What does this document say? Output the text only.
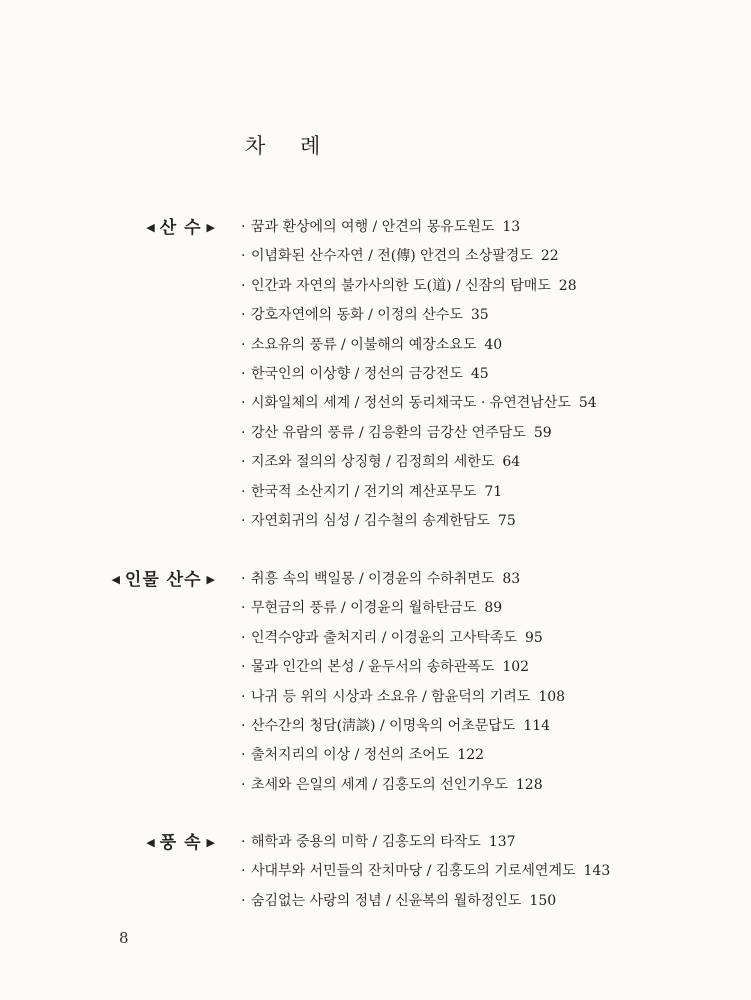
차 례
◀ 산 수 ▶ · 꿈과 환상에의 여행 / 안견의 몽유도원도 13
· 이념화된 산수자연 / 전(傳) 안견의 소상팔경도 22
· 인간과 자연의 불가사의한 도(道) / 신잠의 탐매도 28
· 강호자연에의 동화 / 이정의 산수도 35
· 소요유의 풍류 / 이불해의 예장소요도 40
· 한국인의 이상향 / 정선의 금강전도 45
· 시화일체의 세계 / 정선의 동리채국도 · 유연견남산도 54
· 강산 유람의 풍류 / 김응환의 금강산 연주담도 59
· 지조와 절의의 상징형 / 김정희의 세한도 64
· 한국적 소산지기 / 전기의 계산포무도 71
· 자연회귀의 심성 / 김수철의 송계한담도 75
◀ 인물 산수 ▶ · 취흥 속의 백일몽 / 이경윤의 수하취면도 83
· 무현금의 풍류 / 이경윤의 월하탄금도 89
· 인격수양과 출처지리 / 이경윤의 고사탁족도 95
· 물과 인간의 본성 / 윤두서의 송하관폭도 102
· 나귀 등 위의 시상과 소요유 / 함윤덕의 기려도 108
· 산수간의 청담(淸談) / 이명욱의 어초문답도 114
· 출처지리의 이상 / 정선의 조어도 122
· 초세와 은일의 세계 / 김홍도의 선인기우도 128
◀ 풍 속 ▶ · 해학과 중용의 미학 / 김홍도의 타작도 137
· 사대부와 서민들의 잔치마당 / 김홍도의 기로세연계도 143
· 숨김없는 사랑의 정념 / 신윤복의 월하정인도 150
8
